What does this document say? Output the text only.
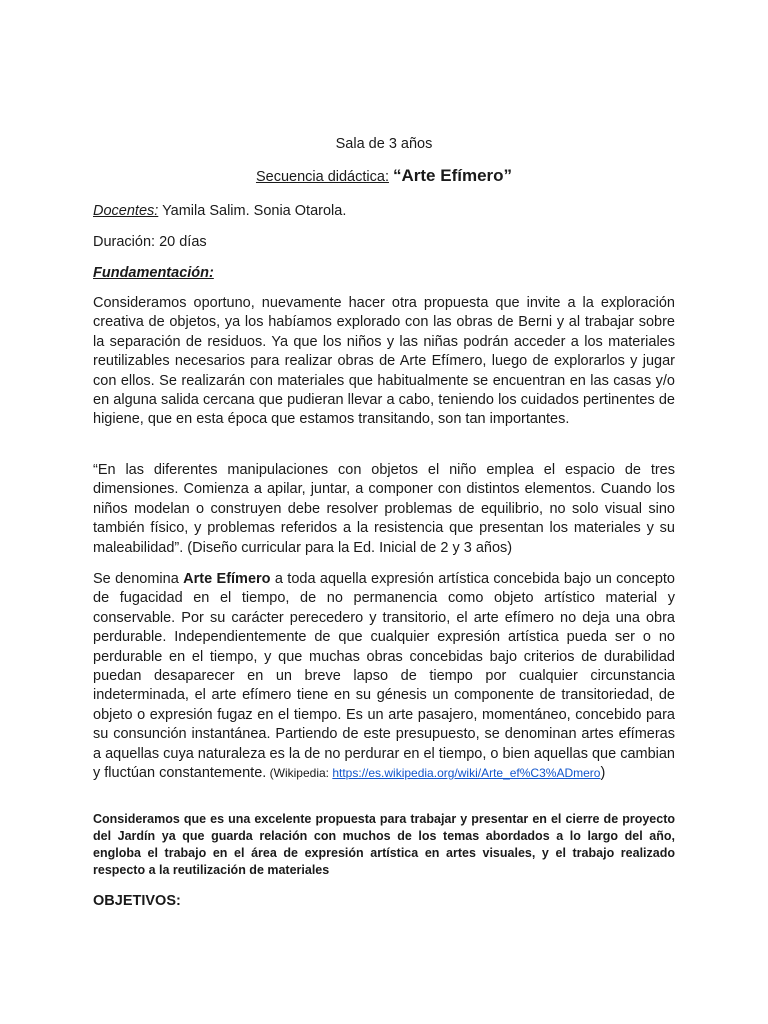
Sala de 3 años
Secuencia didáctica: “Arte Efímero”
Docentes: Yamila Salim. Sonia Otarola.
Duración: 20 días
Fundamentación:

Consideramos oportuno, nuevamente hacer otra propuesta que invite a la exploración creativa de objetos, ya los habíamos explorado con las obras de Berni y al trabajar sobre la separación de residuos. Ya que los niños y las niñas podrán acceder a los materiales reutilizables necesarios para realizar obras de Arte Efímero, luego de explorarlos y jugar con ellos. Se realizarán con materiales que habitualmente se encuentran en las casas y/o en alguna salida cercana que pudieran llevar a cabo, teniendo los cuidados pertinentes de higiene, que en esta época que estamos transitando, son tan importantes.

“En las diferentes manipulaciones con objetos el niño emplea el espacio de tres dimensiones. Comienza a apilar, juntar, a componer con distintos elementos. Cuando los niños modelan o construyen debe resolver problemas de equilibrio, no solo visual sino también físico, y problemas referidos a la resistencia que presentan los materiales y su maleabilidad”. (Diseño curricular para la Ed. Inicial de 2 y 3 años)

Se denomina Arte Efímero a toda aquella expresión artística concebida bajo un concepto de fugacidad en el tiempo, de no permanencia como objeto artístico material y conservable. Por su carácter perecedero y transitorio, el arte efímero no deja una obra perdurable. Independientemente de que cualquier expresión artística pueda ser o no perdurable en el tiempo, y que muchas obras concebidas bajo criterios de durabilidad puedan desaparecer en un breve lapso de tiempo por cualquier circunstancia indeterminada, el arte efímero tiene en su génesis un componente de transitoriedad, de objeto o expresión fugaz en el tiempo. Es un arte pasajero, momentáneo, concebido para su consunción instantánea. Partiendo de este presupuesto, se denominan artes efímeras a aquellas cuya naturaleza es la de no perdurar en el tiempo, o bien aquellas que cambian y fluctúan constantemente. (Wikipedia: https://es.wikipedia.org/wiki/Arte_ef%C3%ADmero)

Consideramos que es una excelente propuesta para trabajar y presentar en el cierre de proyecto del Jardín ya que guarda relación con muchos de los temas abordados a lo largo del año, engloba el trabajo en el área de expresión artística en artes visuales, y el trabajo realizado respecto a la reutilización de materiales

OBJETIVOS:
